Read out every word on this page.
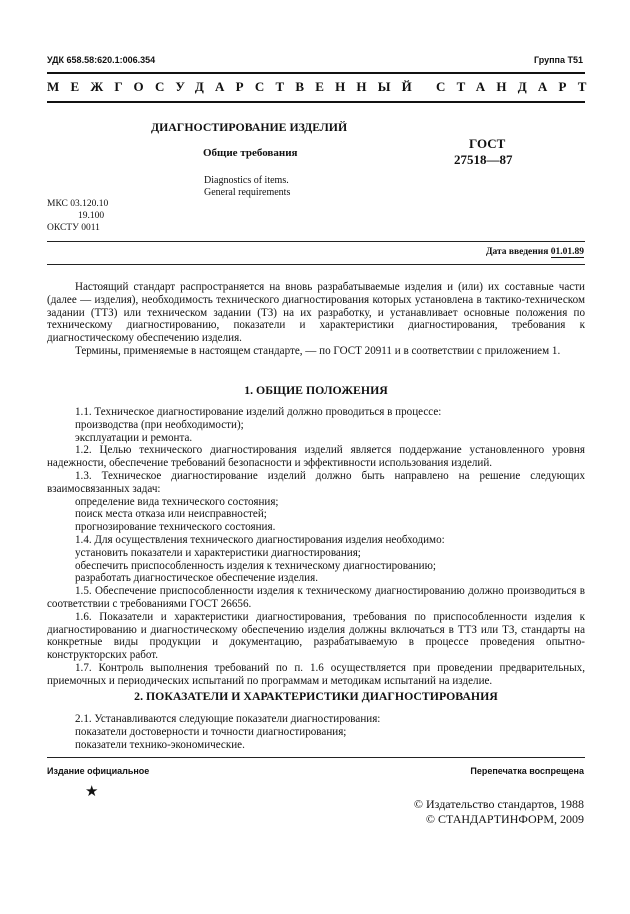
УДК 658.58:620.1:006.354	Группа Т51
МЕЖГОСУДАРСТВЕННЫЙ СТАНДАРТ
ДИАГНОСТИРОВАНИЕ ИЗДЕЛИЙ
Общие требования
Diagnostics of items.
General requirements
ГОСТ
27518—87
МКС 03.120.10
19.100
ОКСТУ 0011
Дата введения 01.01.89

Настоящий стандарт распространяется на вновь разрабатываемые изделия и (или) их составные части (далее — изделия), необходимость технического диагностирования которых установлена в тактико-техническом задании (ТТЗ) или техническом задании (ТЗ) на их разработку, и устанавливает основные положения по техническому диагностированию, показатели и характеристики диагностирования, требования к диагностическому обеспечению изделия.

Термины, применяемые в настоящем стандарте, — по ГОСТ 20911 и в соответствии с приложением 1.

1. ОБЩИЕ ПОЛОЖЕНИЯ

1.1. Техническое диагностирование изделий должно проводиться в процессе:

производства (при необходимости);

эксплуатации и ремонта.

1.2. Целью технического диагностирования изделий является поддержание установленного уровня надежности, обеспечение требований безопасности и эффективности использования изделий.

1.3. Техническое диагностирование изделий должно быть направлено на решение следующих взаимосвязанных задач:

определение вида технического состояния;

поиск места отказа или неисправностей;

прогнозирование технического состояния.

1.4. Для осуществления технического диагностирования изделия необходимо:

установить показатели и характеристики диагностирования;

обеспечить приспособленность изделия к техническому диагностированию;

разработать диагностическое обеспечение изделия.

1.5. Обеспечение приспособленности изделия к техническому диагностированию должно производиться в соответствии с требованиями ГОСТ 26656.

1.6. Показатели и характеристики диагностирования, требования по приспособленности изделия к диагностированию и диагностическому обеспечению изделия должны включаться в ТТЗ или ТЗ, стандарты на конкретные виды продукции и документацию, разрабатываемую в процессе проведения опытно-конструкторских работ.

1.7. Контроль выполнения требований по п. 1.6 осуществляется при проведении предварительных, приемочных и периодических испытаний по программам и методикам испытаний на изделие.

2. ПОКАЗАТЕЛИ И ХАРАКТЕРИСТИКИ ДИАГНОСТИРОВАНИЯ

2.1. Устанавливаются следующие показатели диагностирования:

показатели достоверности и точности диагностирования;

показатели технико-экономические.

Издание официальное	Перепечатка воспрещена
★
© Издательство стандартов, 1988
© СТАНДАРТИНФОРМ, 2009
